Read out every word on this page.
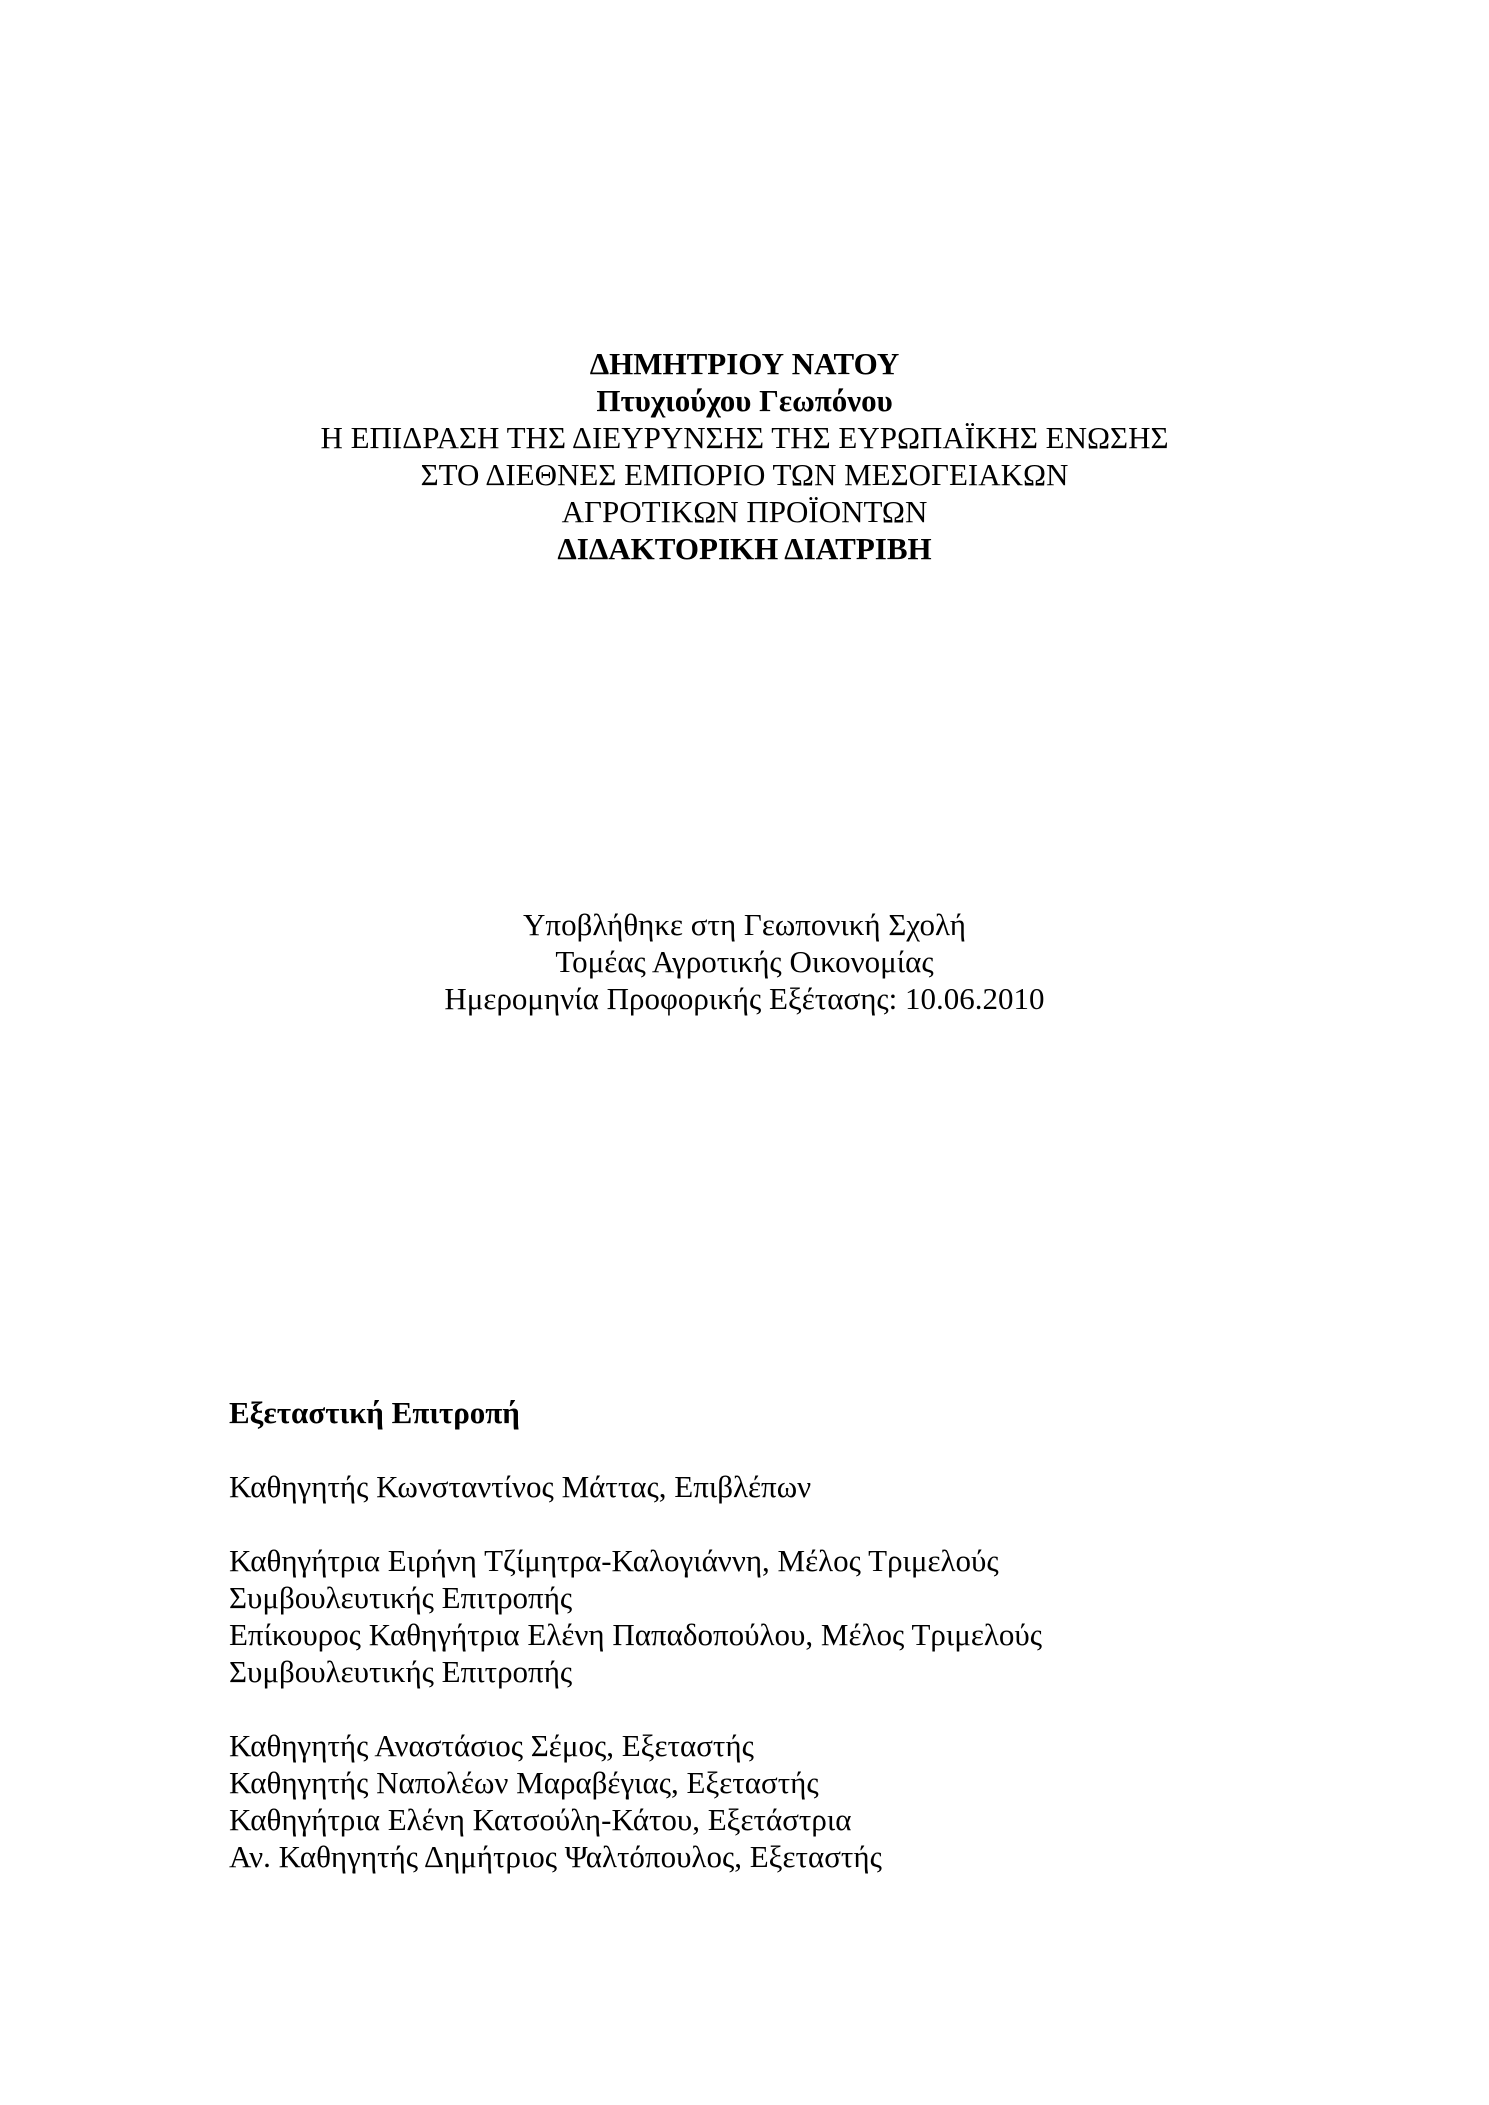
ΔΗΜΗΤΡΙΟΥ ΝΑΤΟΥ
Πτυχιούχου Γεωπόνου
Η ΕΠΙΔΡΑΣΗ ΤΗΣ ΔΙΕΥΡΥΝΣΗΣ ΤΗΣ ΕΥΡΩΠΑΪΚΗΣ ΕΝΩΣΗΣ
ΣΤΟ ΔΙΕΘΝΕΣ ΕΜΠΟΡΙΟ ΤΩΝ ΜΕΣΟΓΕΙΑΚΩΝ
ΑΓΡΟΤΙΚΩΝ ΠΡΟΪΟΝΤΩΝ
ΔΙΔΑΚΤΟΡΙΚΗ ΔΙΑΤΡΙΒΗ
Υποβλήθηκε στη Γεωπονική Σχολή
Τομέας Αγροτικής Οικονομίας
Ημερομηνία Προφορικής Εξέτασης: 10.06.2010
Εξεταστική Επιτροπή
Καθηγητής Κωνσταντίνος Μάττας, Επιβλέπων
Καθηγήτρια Ειρήνη Τζίμητρα-Καλογιάννη, Μέλος Τριμελούς
Συμβουλευτικής Επιτροπής
Επίκουρος Καθηγήτρια Ελένη Παπαδοπούλου, Μέλος Τριμελούς
Συμβουλευτικής Επιτροπής
Καθηγητής Αναστάσιος Σέμος, Εξεταστής
Καθηγητής Ναπολέων Μαραβέγιας, Εξεταστής
Καθηγήτρια Ελένη Κατσούλη-Κάτου, Εξετάστρια
Αν. Καθηγητής Δημήτριος Ψαλτόπουλος, Εξεταστής
